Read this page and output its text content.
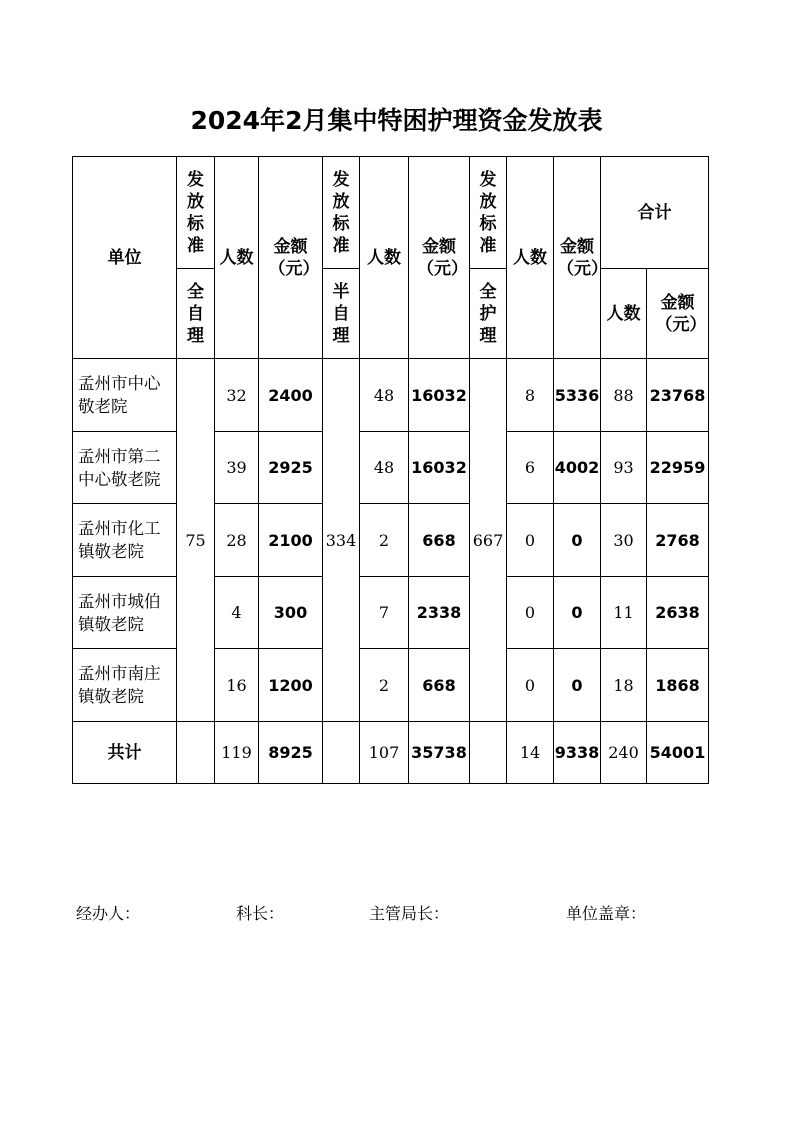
2024年2月集中特困护理资金发放表
单位	发放标准	人数	金额（元）	发放标准	人数	金额（元）	发放标准	人数	金额（元）	合计	

	全自理			半自理			全护理			人数	金额（元）

孟州市中心敬老院	75	32	2400	334	48	16032	667	8	5336	88	23768
孟州市第二中心敬老院		39	2925		48	16032		6	4002	93	22959
孟州市化工镇敬老院		28	2100		2	668		0	0	30	2768
孟州市城伯镇敬老院		4	300		7	2338		0	0	11	2638
孟州市南庄镇敬老院		16	1200		2	668		0	0	18	1868
共计		119	8925		107	35738		14	9338	240	54001
经办人：	科长：	主管局长：	单位盖章：
